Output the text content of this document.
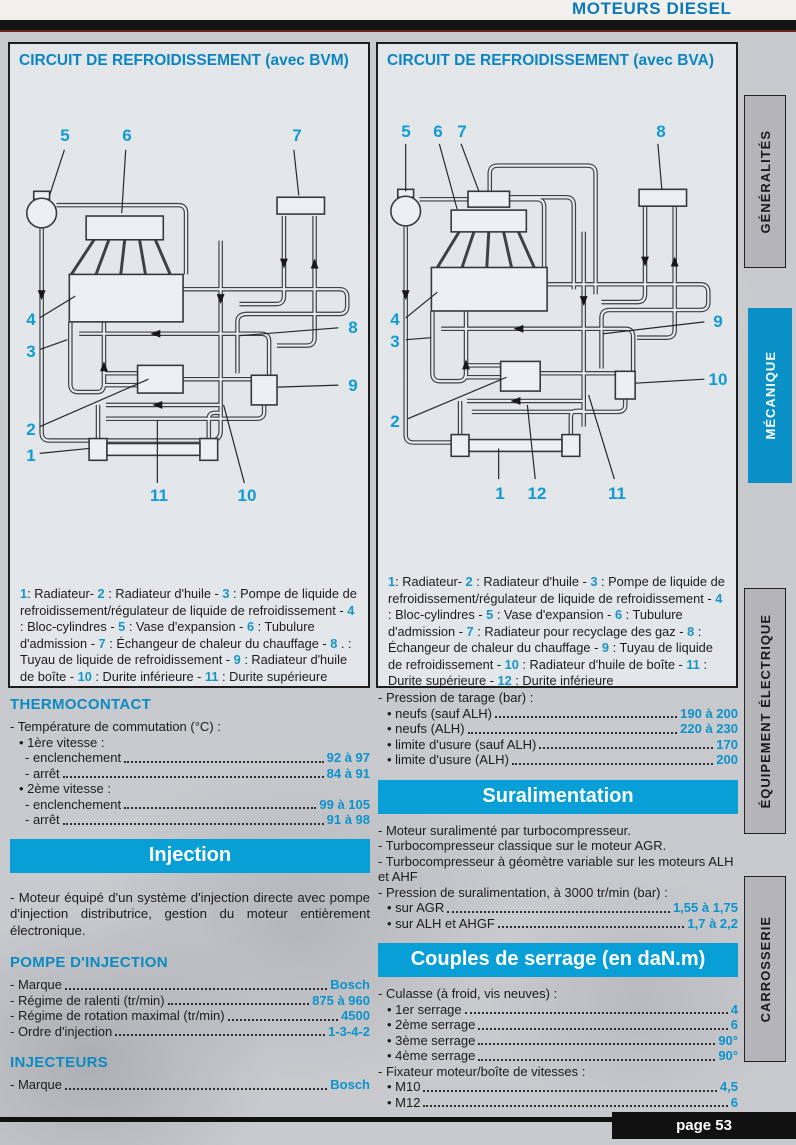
MOTEURS DIESEL
5	6	7
4
3
8
9
2
1
11	10
CIRCUIT DE REFROIDISSEMENT (avec BVM)

1: Radiateur- 2 : Radiateur d'huile - 3 : Pompe de liquide de refroidissement/régulateur de liquide de refroidissement - 4 : Bloc-cylindres - 5 : Vase d'expansion - 6 : Tubulure d'admission - 7 : Échangeur de chaleur du chauffage - 8 . : Tuyau de liquide de refroidissement - 9 : Radiateur d'huile de boîte - 10 : Durite inférieure - 11 : Durite supérieure

5 6 7	8
4
3
9
10
2
1 12	11
CIRCUIT DE REFROIDISSEMENT (avec BVA)

1: Radiateur- 2 : Radiateur d'huile - 3 : Pompe de liquide de refroidissement/régulateur de liquide de refroidissement - 4 : Bloc-cylindres - 5 : Vase d'expansion - 6 : Tubulure d'admission - 7 : Radiateur pour recyclage des gaz - 8 : Échangeur de chaleur du chauffage - 9 : Tuyau de liquide de refroidissement - 10 : Radiateur d'huile de boîte - 11 : Durite supérieure - 12 : Durite inférieure

THERMOCONTACT
- Température de commutation (°C) :
• 1ère vitesse :
- enclenchement	92 à 97
- arrêt	84 à 91
• 2ème vitesse :
- enclenchement	99 à 105
- arrêt	91 à 98
Injection

- Moteur équipé d'un système d'injection directe avec pompe d'injection distributrice, gestion du moteur entièrement électronique.

POMPE D'INJECTION
- Marque	Bosch
- Régime de ralenti (tr/min)	875 à 960
- Régime de rotation maximal (tr/min)	4500
- Ordre d'injection	1-3-4-2
INJECTEURS
- Marque	Bosch
- Pression de tarage (bar) :
• neufs (sauf ALH)	190 à 200
• neufs (ALH)	220 à 230
• limite d'usure (sauf ALH)	170
• limite d'usure (ALH)	200
Suralimentation
- Moteur suralimenté par turbocompresseur.
- Turbocompresseur classique sur le moteur AGR.
- Turbocompresseur à géomètre variable sur les moteurs ALH et AHF
- Pression de suralimentation, à 3000 tr/min (bar) :
• sur AGR	1,55 à 1,75
• sur ALH et AHGF	1,7 à 2,2
Couples de serrage (en daN.m)
- Culasse (à froid, vis neuves) :
• 1er serrage	4
• 2ème serrage	6
• 3ème serrage	90°
• 4ème serrage	90°
- Fixateur moteur/boîte de vitesses :
• M10	4,5
• M12	6
GÉNÉRALITÉS
MÉCANIQUE
ÉQUIPEMENT ÉLECTRIQUE
CARROSSERIE
page 53
